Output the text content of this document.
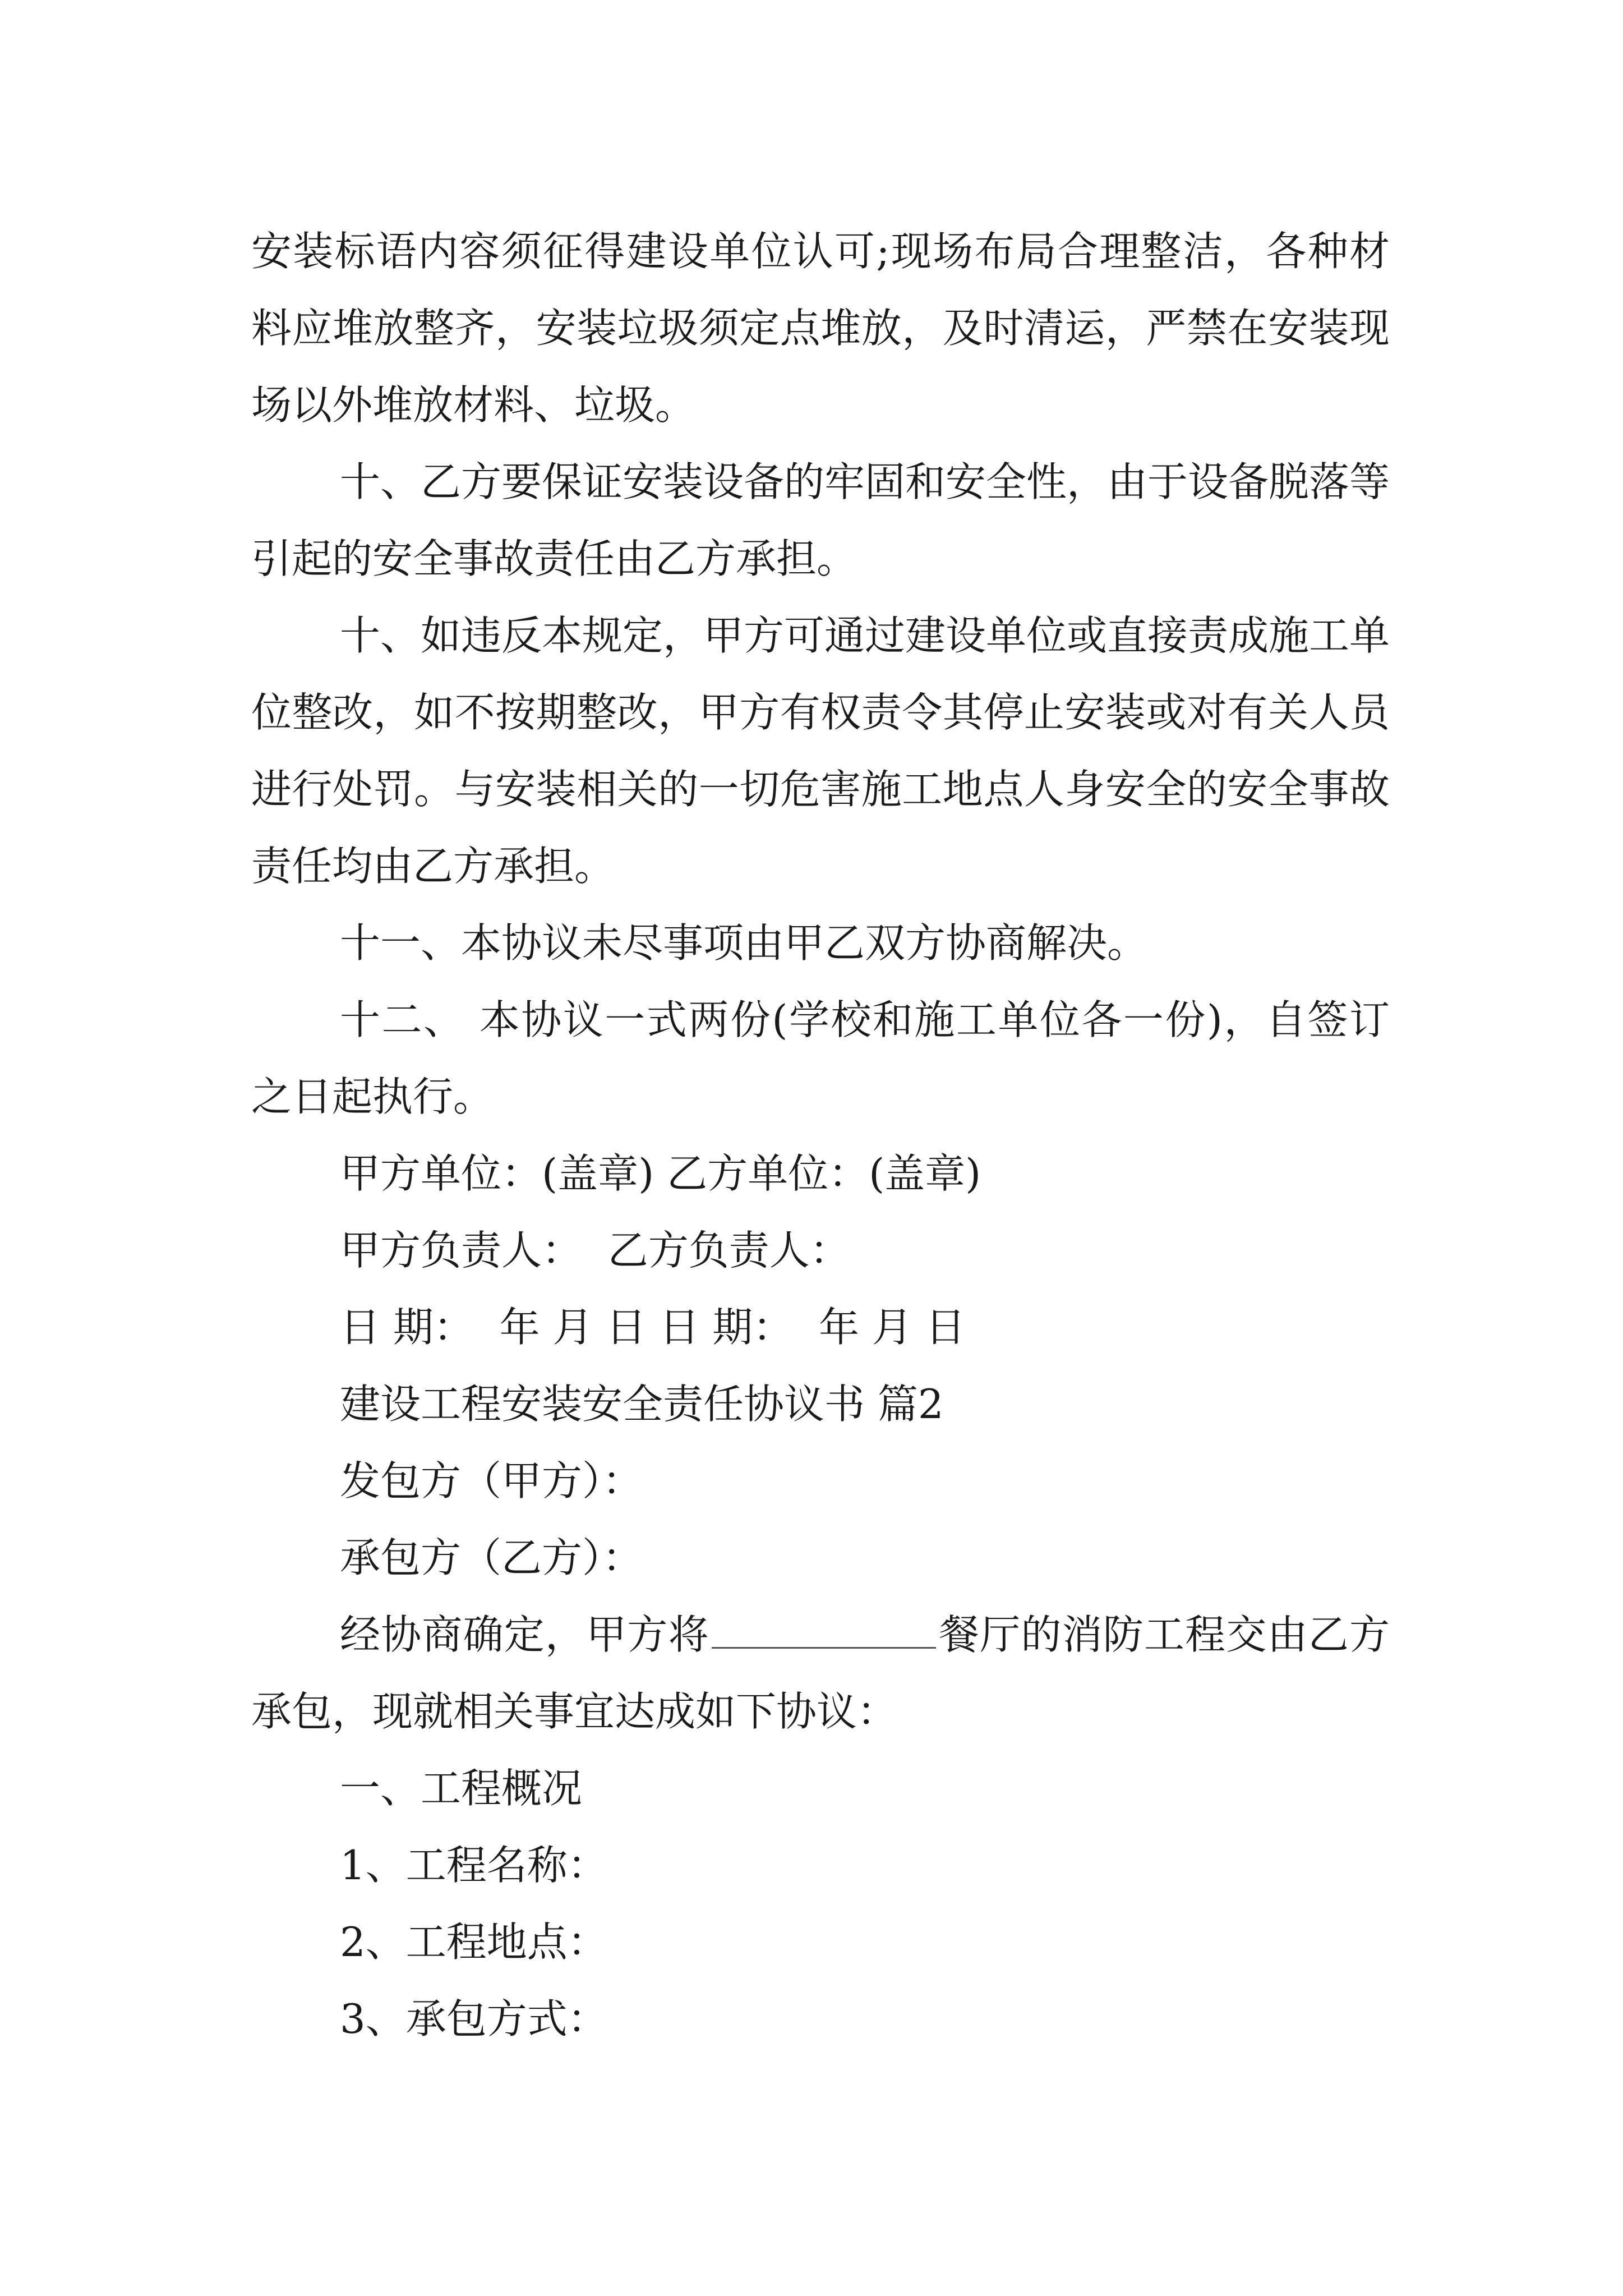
安装标语内容须征得建设单位认可;现场布局合理整洁，各种材料应堆放整齐，安装垃圾须定点堆放，及时清运，严禁在安装现场以外堆放材料、垃圾。

十、乙方要保证安装设备的牢固和安全性，由于设备脱落等引起的安全事故责任由乙方承担。

十、如违反本规定，甲方可通过建设单位或直接责成施工单位整改，如不按期整改，甲方有权责令其停止安装或对有关人员进行处罚。与安装相关的一切危害施工地点人身安全的安全事故责任均由乙方承担。

十一、本协议未尽事项由甲乙双方协商解决。

十二、 本协议一式两份(学校和施工单位各一份)，自签订之日起执行。

甲方单位：(盖章) 乙方单位：(盖章)

甲方负责人：  乙方负责人：

日 期：  年 月 日 日 期：  年 月 日

建设工程安装安全责任协议书 篇2

发包方（甲方）：

承包方（乙方）：

经协商确定，甲方将	餐厅的消防工程交由乙方承包，现就相关事宜达成如下协议：

一、工程概况

1、工程名称：

2、工程地点：

3、承包方式：
